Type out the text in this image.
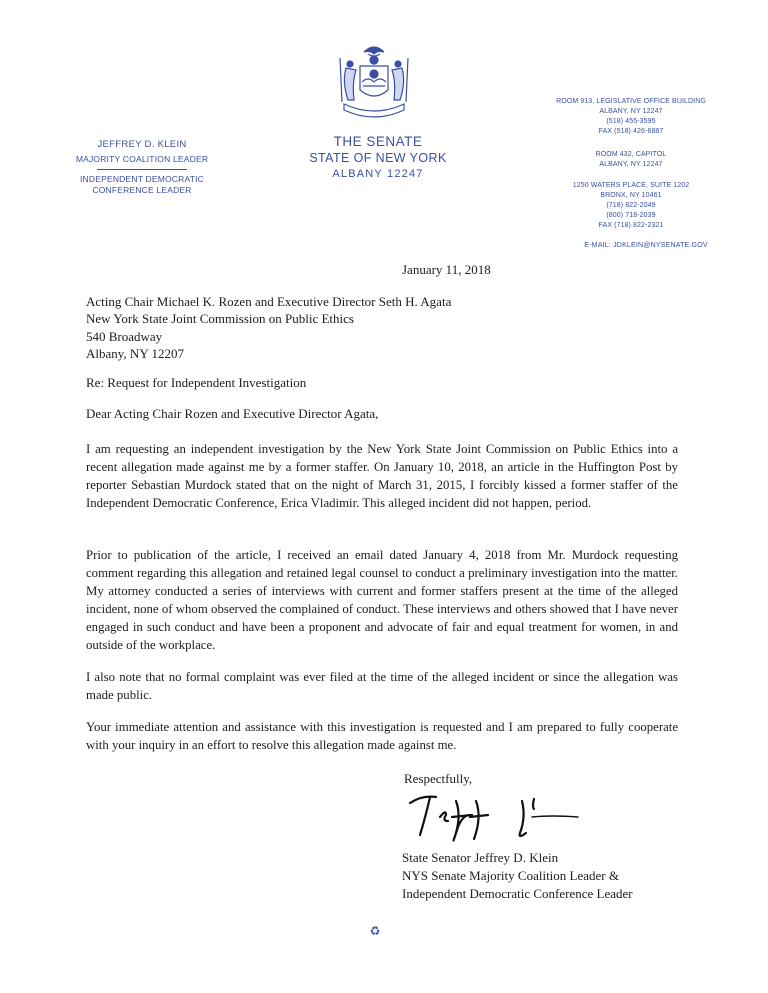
JEFFREY D. KLEIN
MAJORITY COALITION LEADER
INDEPENDENT DEMOCRATIC
CONFERENCE LEADER
THE SENATE
STATE OF NEW YORK
ALBANY 12247
ROOM 913, LEGISLATIVE OFFICE BUILDING
ALBANY, NY 12247
(518) 455-3595
FAX (518) 426-6887
ROOM 432, CAPITOL
ALBANY, NY 12247
1250 WATERS PLACE, SUITE 1202
BRONX, NY 10461
(718) 822-2049
(800) 718-2039
FAX (718) 822-2321
E-MAIL: JDKLEIN@NYSENATE.GOV
January 11, 2018
Acting Chair Michael K. Rozen and Executive Director Seth H. Agata
New York State Joint Commission on Public Ethics
540 Broadway
Albany, NY 12207
Re: Request for Independent Investigation
Dear Acting Chair Rozen and Executive Director Agata,
I am requesting an independent investigation by the New York State Joint Commission on Public Ethics into a recent allegation made against me by a former staffer. On January 10, 2018, an article in the Huffington Post by reporter Sebastian Murdock stated that on the night of March 31, 2015, I forcibly kissed a former staffer of the Independent Democratic Conference, Erica Vladimir. This alleged incident did not happen, period.
Prior to publication of the article, I received an email dated January 4, 2018 from Mr. Murdock requesting comment regarding this allegation and retained legal counsel to conduct a preliminary investigation into the matter. My attorney conducted a series of interviews with current and former staffers present at the time of the alleged incident, none of whom observed the complained of conduct. These interviews and others showed that I have never engaged in such conduct and have been a proponent and advocate of fair and equal treatment for women, in and outside of the workplace.
I also note that no formal complaint was ever filed at the time of the alleged incident or since the allegation was made public.
Your immediate attention and assistance with this investigation is requested and I am prepared to fully cooperate with your inquiry in an effort to resolve this allegation made against me.
Respectfully,
State Senator Jeffrey D. Klein
NYS Senate Majority Coalition Leader &
Independent Democratic Conference Leader
♻
